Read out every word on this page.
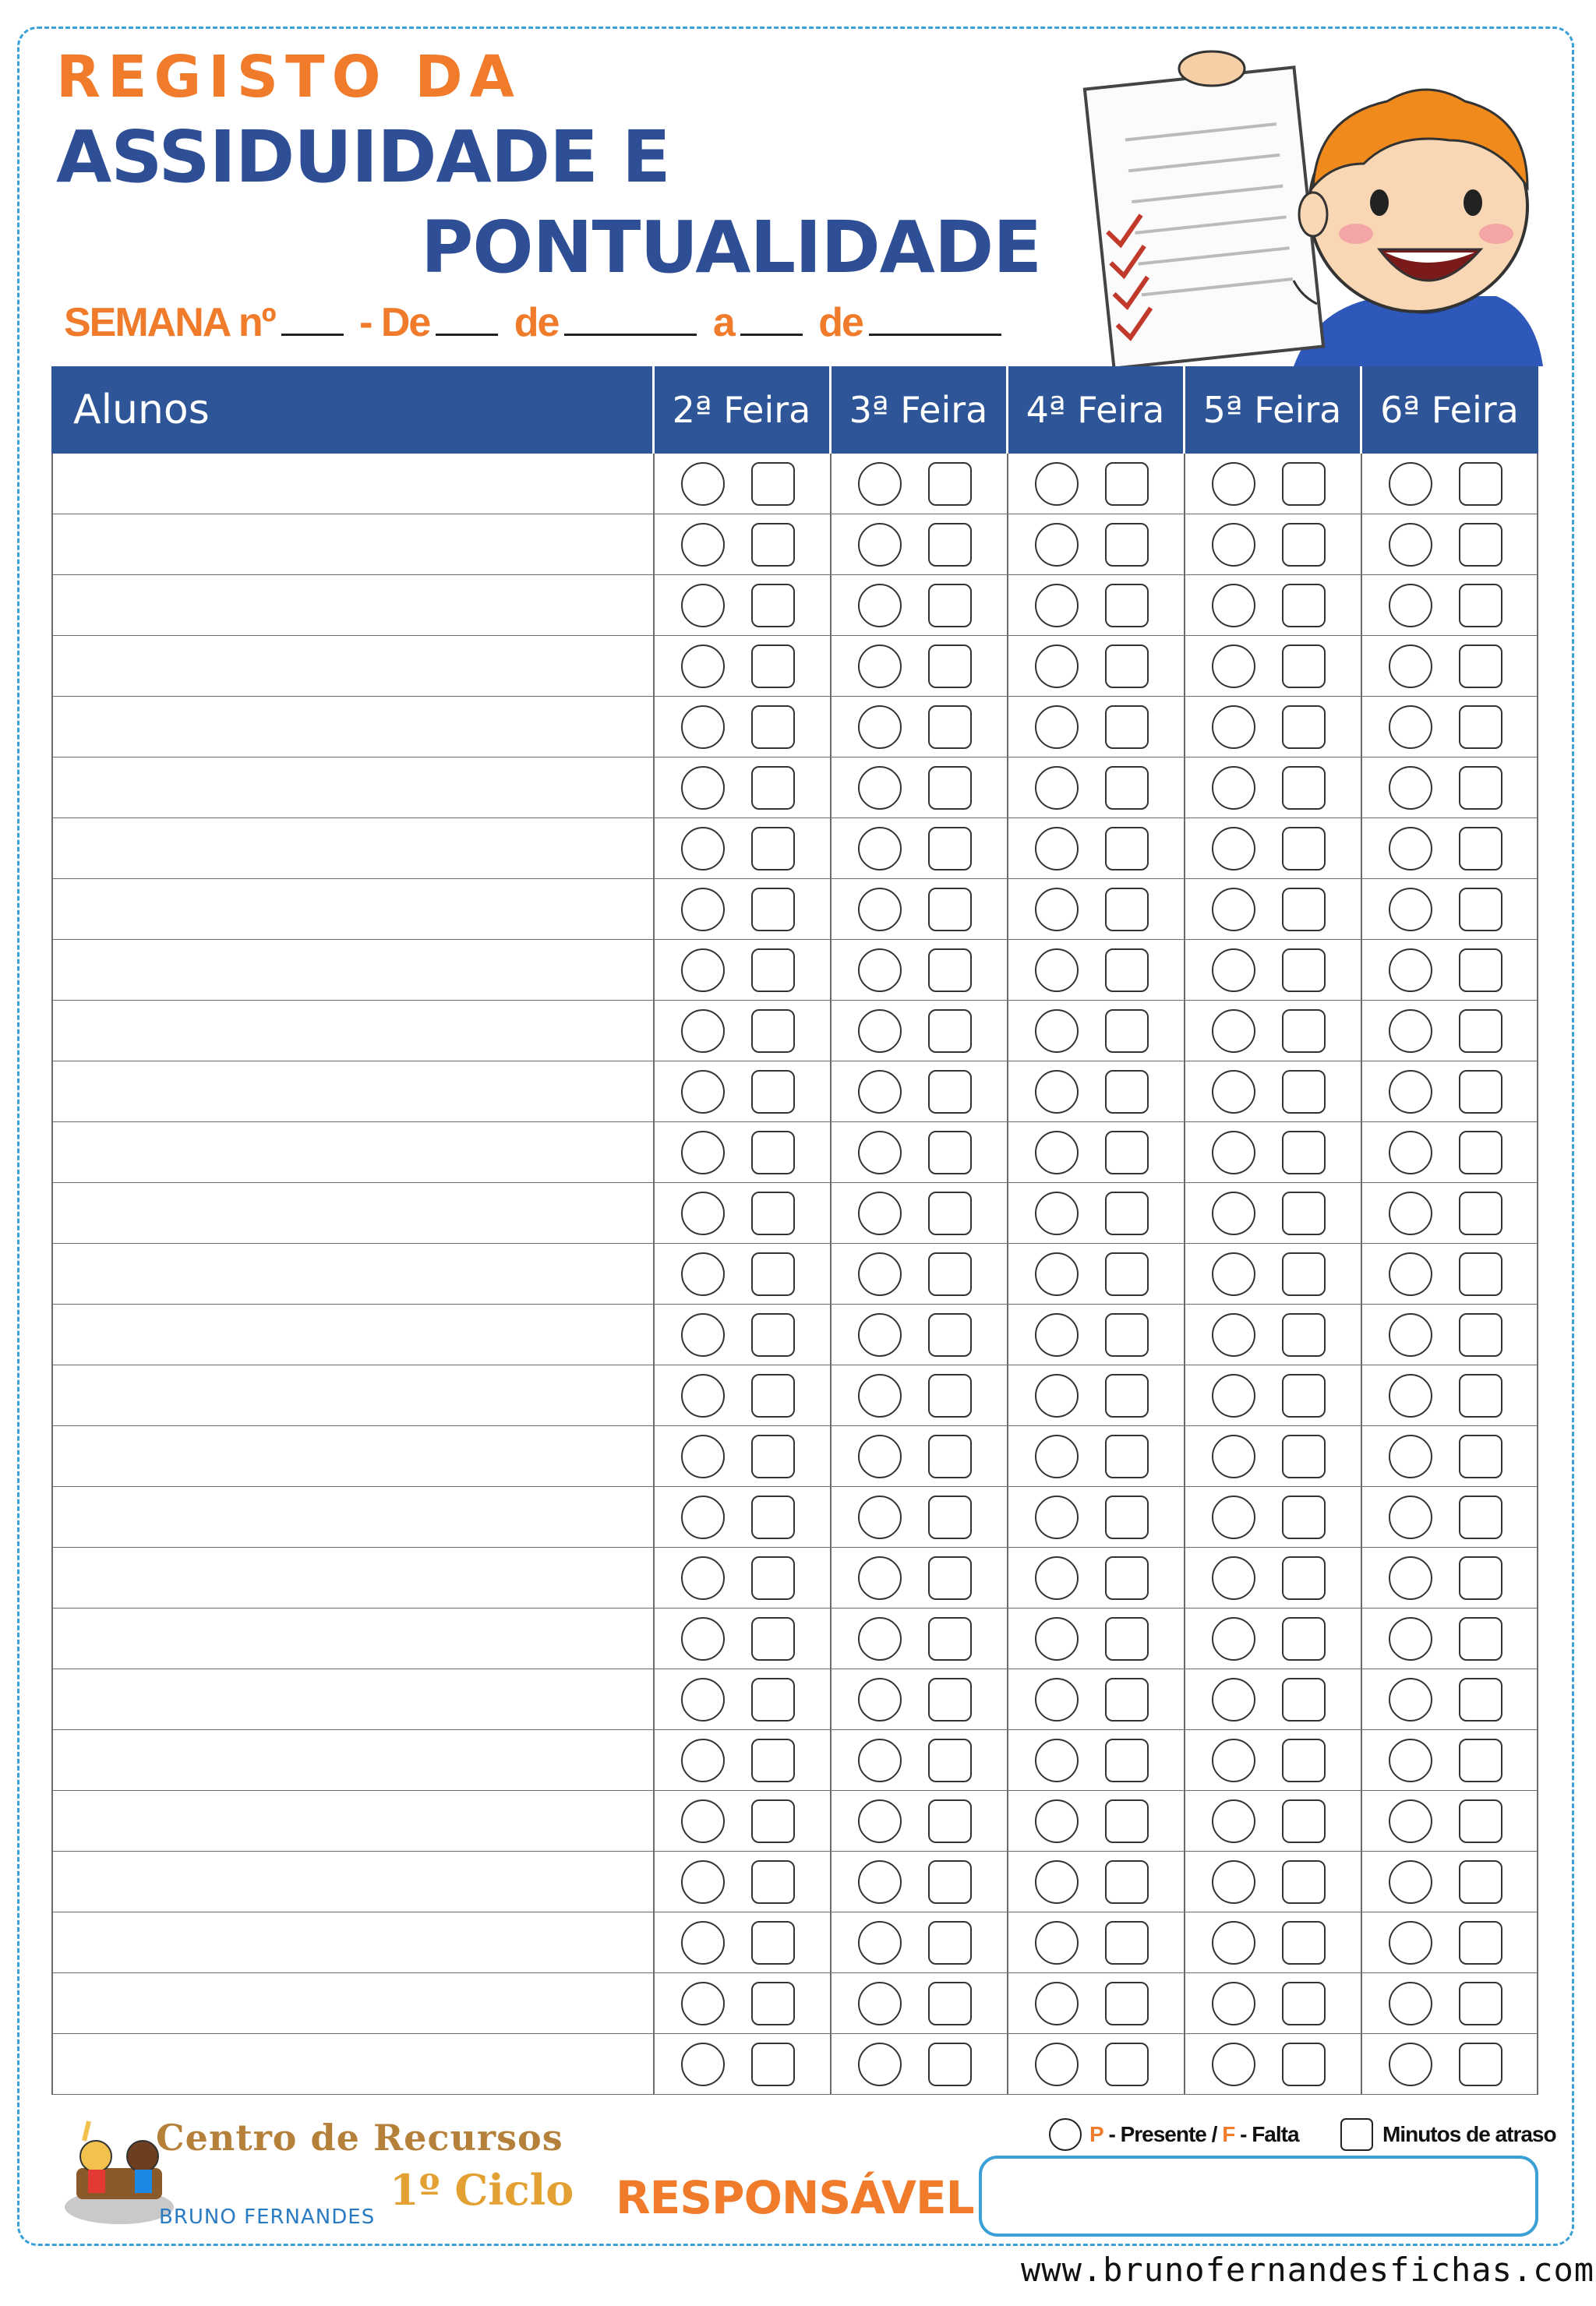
REGISTO DA
ASSIDUIDADE E
PONTUALIDADE
SEMANA nº - De de	a de
Alunos	2ª Feira	3ª Feira	4ª Feira	5ª Feira	6ª Feira
Centro de Recursos
1º Ciclo
BRUNO FERNANDES
P
- Presente /
F
- Falta	Minutos de atraso
RESPONSÁVEL
www.brunofernandesfichas.com
